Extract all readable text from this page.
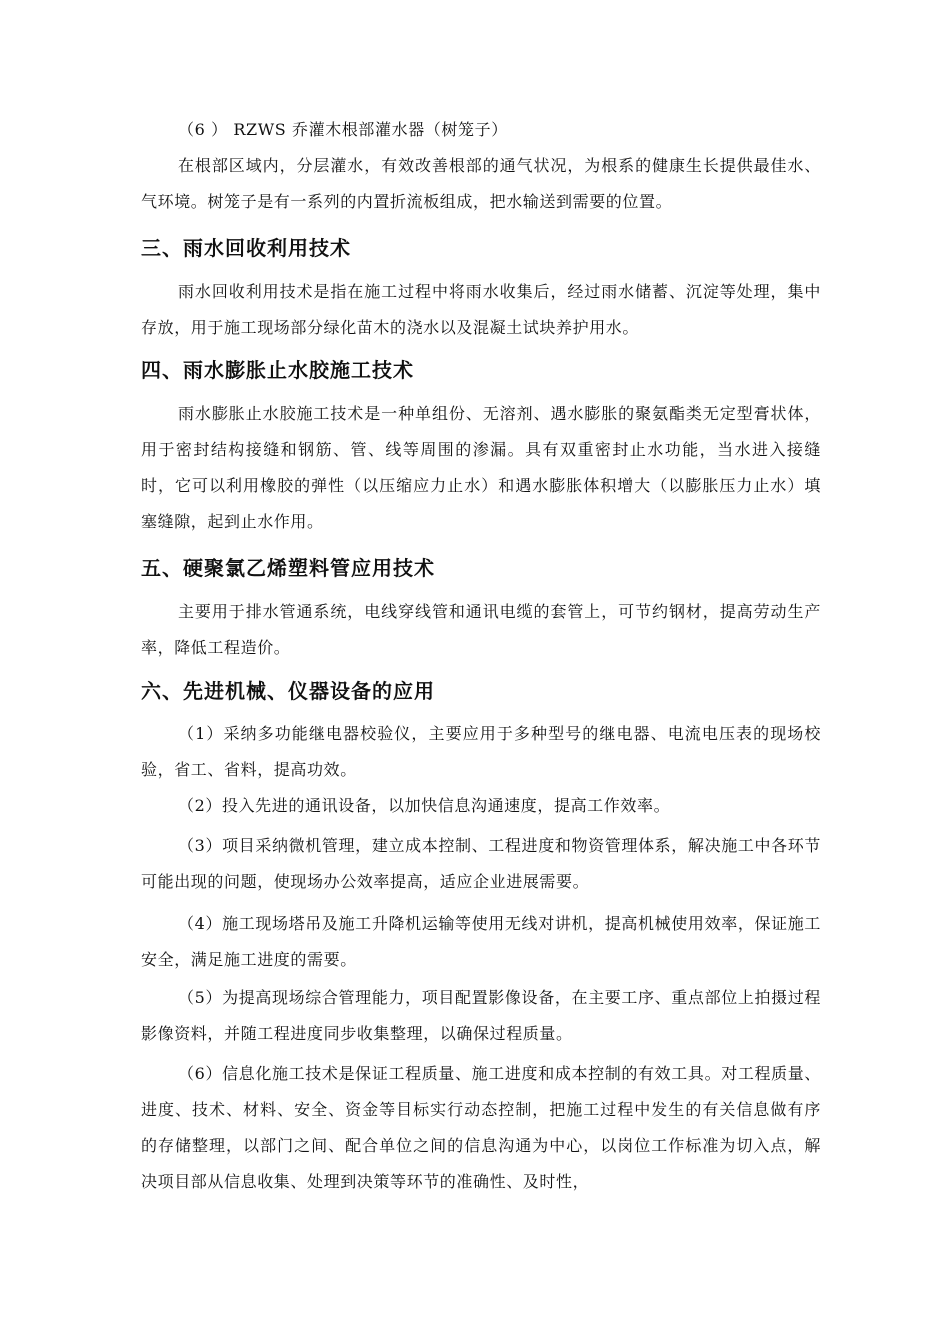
（6 ） RZWS 乔灌木根部灌水器（树笼子）

在根部区域内，分层灌水，有效改善根部的通气状况，为根系的健康生长提供最佳水、气环境。树笼子是有一系列的内置折流板组成，把水输送到需要的位置。

三、雨水回收利用技术

雨水回收利用技术是指在施工过程中将雨水收集后，经过雨水储蓄、沉淀等处理，集中存放，用于施工现场部分绿化苗木的浇水以及混凝土试块养护用水。

四、雨水膨胀止水胶施工技术

雨水膨胀止水胶施工技术是一种单组份、无溶剂、遇水膨胀的聚氨酯类无定型膏状体，用于密封结构接缝和钢筋、管、线等周围的渗漏。具有双重密封止水功能，当水进入接缝时，它可以利用橡胶的弹性（以压缩应力止水）和遇水膨胀体积增大（以膨胀压力止水）填塞缝隙，起到止水作用。

五、硬聚氯乙烯塑料管应用技术

主要用于排水管通系统，电线穿线管和通讯电缆的套管上，可节约钢材，提高劳动生产率，降低工程造价。

六、先进机械、仪器设备的应用

（1）采纳多功能继电器校验仪，主要应用于多种型号的继电器、电流电压表的现场校验，省工、省料，提高功效。

（2）投入先进的通讯设备，以加快信息沟通速度，提高工作效率。

（3）项目采纳微机管理，建立成本控制、工程进度和物资管理体系，解决施工中各环节可能出现的问题，使现场办公效率提高，适应企业进展需要。

（4）施工现场塔吊及施工升降机运输等使用无线对讲机，提高机械使用效率，保证施工安全，满足施工进度的需要。

（5）为提高现场综合管理能力，项目配置影像设备，在主要工序、重点部位上拍摄过程影像资料，并随工程进度同步收集整理，以确保过程质量。

（6）信息化施工技术是保证工程质量、施工进度和成本控制的有效工具。对工程质量、进度、技术、材料、安全、资金等目标实行动态控制，把施工过程中发生的有关信息做有序的存储整理，以部门之间、配合单位之间的信息沟通为中心，以岗位工作标准为切入点，解决项目部从信息收集、处理到决策等环节的准确性、及时性，
